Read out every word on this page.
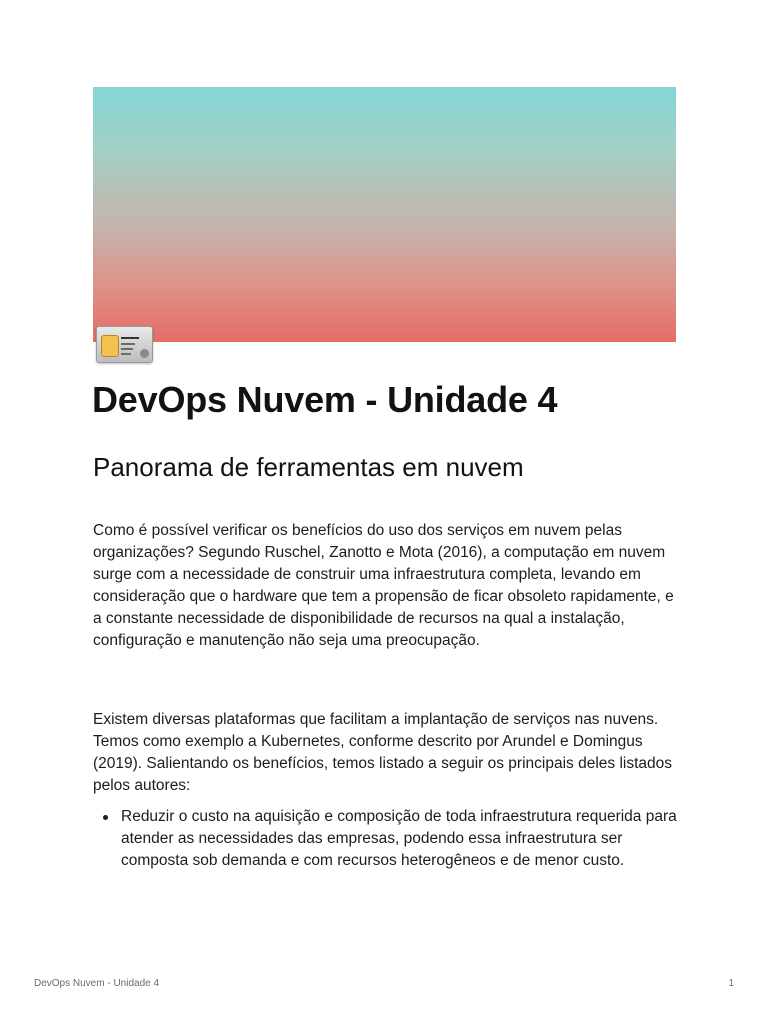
DevOps Nuvem - Unidade 4
Panorama de ferramentas em nuvem

Como é possível verificar os benefícios do uso dos serviços em nuvem pelas organizações? Segundo Ruschel, Zanotto e Mota (2016), a computação em nuvem surge com a necessidade de construir uma infraestrutura completa, levando em consideração que o hardware que tem a propensão de ficar obsoleto rapidamente, e a constante necessidade de disponibilidade de recursos na qual a instalação, configuração e manutenção não seja uma preocupação.

Existem diversas plataformas que facilitam a implantação de serviços nas nuvens. Temos como exemplo a Kubernetes, conforme descrito por Arundel e Domingus (2019). Salientando os benefícios, temos listado a seguir os principais deles listados pelos autores:

Reduzir o custo na aquisição e composição de toda infraestrutura requerida para atender as necessidades das empresas, podendo essa infraestrutura ser composta sob demanda e com recursos heterogêneos e de menor custo.
DevOps Nuvem - Unidade 4	1
